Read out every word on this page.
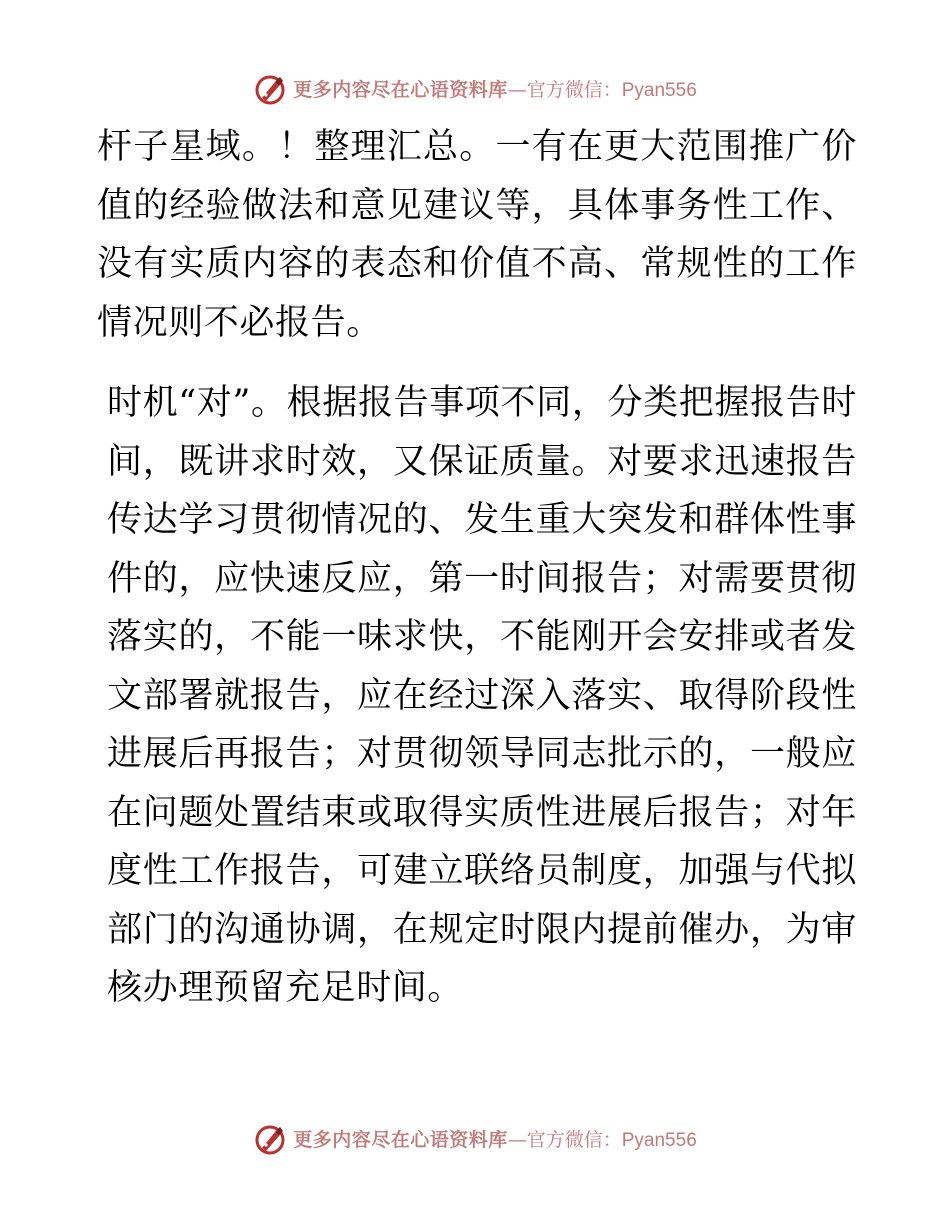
更多内容尽在心语资料库 — 官方微信： Pyan556

杆子星域。！整理汇总。一有在更大范围推广价值的经验做法和意见建议等，具体事务性工作、没有实质内容的表态和价值不高、常规性的工作情况则不必报告。

时机“对”。根据报告事项不同，分类把握报告时间，既讲求时效，又保证质量。对要求迅速报告传达学习贯彻情况的、发生重大突发和群体性事件的，应快速反应，第一时间报告；对需要贯彻落实的，不能一味求快，不能刚开会安排或者发文部署就报告，应在经过深入落实、取得阶段性进展后再报告；对贯彻领导同志批示的，一般应在问题处置结束或取得实质性进展后报告；对年度性工作报告，可建立联络员制度，加强与代拟部门的沟通协调，在规定时限内提前催办，为审核办理预留充足时间。

更多内容尽在心语资料库 — 官方微信： Pyan556
